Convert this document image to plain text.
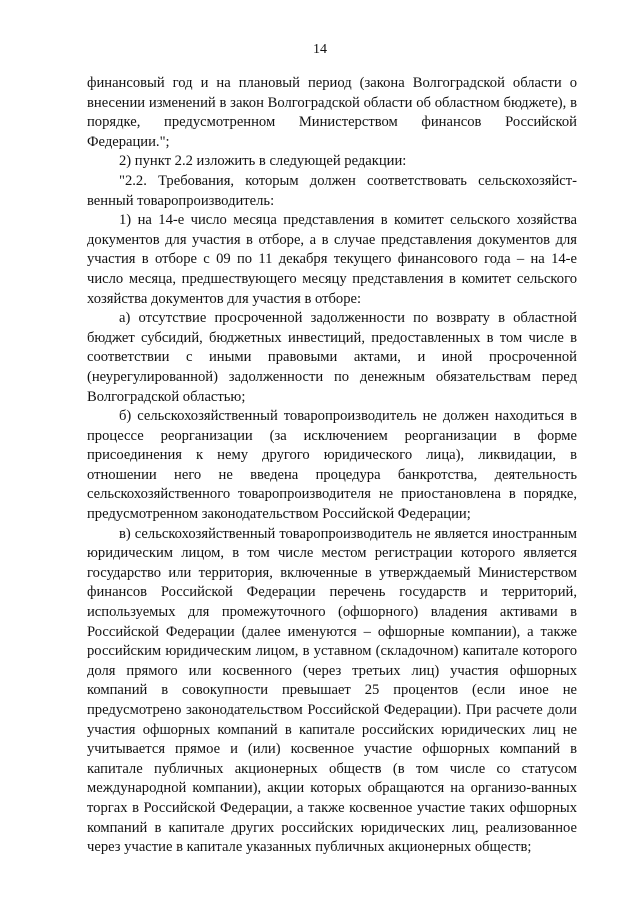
14

финансовый год и на плановый период (закона Волгоградской области о внесении изменений в закон Волгоградской области об областном бюджете), в порядке, предусмотренном Министерством финансов Российской Федерации.";

2) пункт 2.2 изложить в следующей редакции:

"2.2. Требования, которым должен соответствовать сельскохозяйст-венный товаропроизводитель:

1) на 14-е число месяца представления в комитет сельского хозяйства документов для участия в отборе, а в случае представления документов для участия в отборе с 09 по 11 декабря текущего финансового года – на 14-е число месяца, предшествующего месяцу представления в комитет сельского хозяйства документов для участия в отборе:

а) отсутствие просроченной задолженности по возврату в областной бюджет субсидий, бюджетных инвестиций, предоставленных в том числе в соответствии с иными правовыми актами, и иной просроченной (неурегулированной) задолженности по денежным обязательствам перед Волгоградской областью;

б) сельскохозяйственный товаропроизводитель не должен находиться в процессе реорганизации (за исключением реорганизации в форме присоединения к нему другого юридического лица), ликвидации, в отношении него не введена процедура банкротства, деятельность сельскохозяйственного товаропроизводителя не приостановлена в порядке, предусмотренном законодательством Российской Федерации;

в) сельскохозяйственный товаропроизводитель не является иностранным юридическим лицом, в том числе местом регистрации которого является государство или территория, включенные в утверждаемый Министерством финансов Российской Федерации перечень государств и территорий, используемых для промежуточного (офшорного) владения активами в Российской Федерации (далее именуются – офшорные компании), а также российским юридическим лицом, в уставном (складочном) капитале которого доля прямого или косвенного (через третьих лиц) участия офшорных компаний в совокупности превышает 25 процентов (если иное не предусмотрено законодательством Российской Федерации). При расчете доли участия офшорных компаний в капитале российских юридических лиц не учитывается прямое и (или) косвенное участие офшорных компаний в капитале публичных акционерных обществ (в том числе со статусом международной компании), акции которых обращаются на организо-ванных торгах в Российской Федерации, а также косвенное участие таких офшорных компаний в капитале других российских юридических лиц, реализованное через участие в капитале указанных публичных акционерных обществ;
